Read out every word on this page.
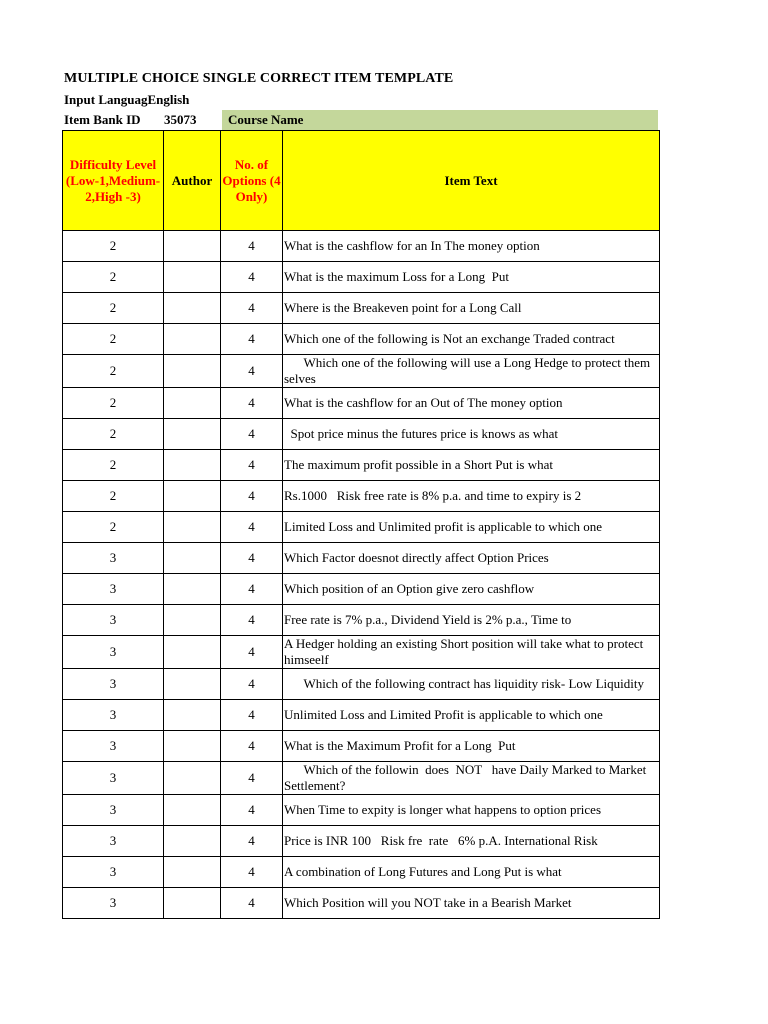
MULTIPLE CHOICE SINGLE CORRECT ITEM TEMPLATE
Input LanguagEnglish
Item Bank ID 35073	Course Name
Difficulty Level (Low-1,Medium-2,High -3)	Author	No. of Options (4 Only)	Item Text
2		4	What is the cashflow for an In The money option

2		4	What is the maximum Loss for a Long  Put

2		4	Where is the Breakeven point for a Long Call

2		4	Which one of the following is Not an exchange Traded contract

2		4	Which one of the following will use a Long Hedge to protect them selves

2		4	What is the cashflow for an Out of The money option

2		4	Spot price minus the futures price is knows as what

2		4	The maximum profit possible in a Short Put is what

2		4	Rs.1000   Risk free rate is 8% p.a. and time to expiry is 2

2		4	Limited Loss and Unlimited profit is applicable to which one

3		4	Which Factor doesnot directly affect Option Prices

3		4	Which position of an Option give zero cashflow

3		4	Free rate is 7% p.a., Dividend Yield is 2% p.a., Time to

3		4	A Hedger holding an existing Short position will take what to protect himseelf

3		4	Which of the following contract has liquidity risk- Low Liquidity

3		4	Unlimited Loss and Limited Profit is applicable to which one

3		4	What is the Maximum Profit for a Long  Put

3		4	Which of the followin  does  NOT   have Daily Marked to Market Settlement?

3		4	When Time to expity is longer what happens to option prices

3		4	Price is INR 100   Risk fre  rate   6% p.A. International Risk

3		4	A combination of Long Futures and Long Put is what

3		4	Which Position will you NOT take in a Bearish Market
